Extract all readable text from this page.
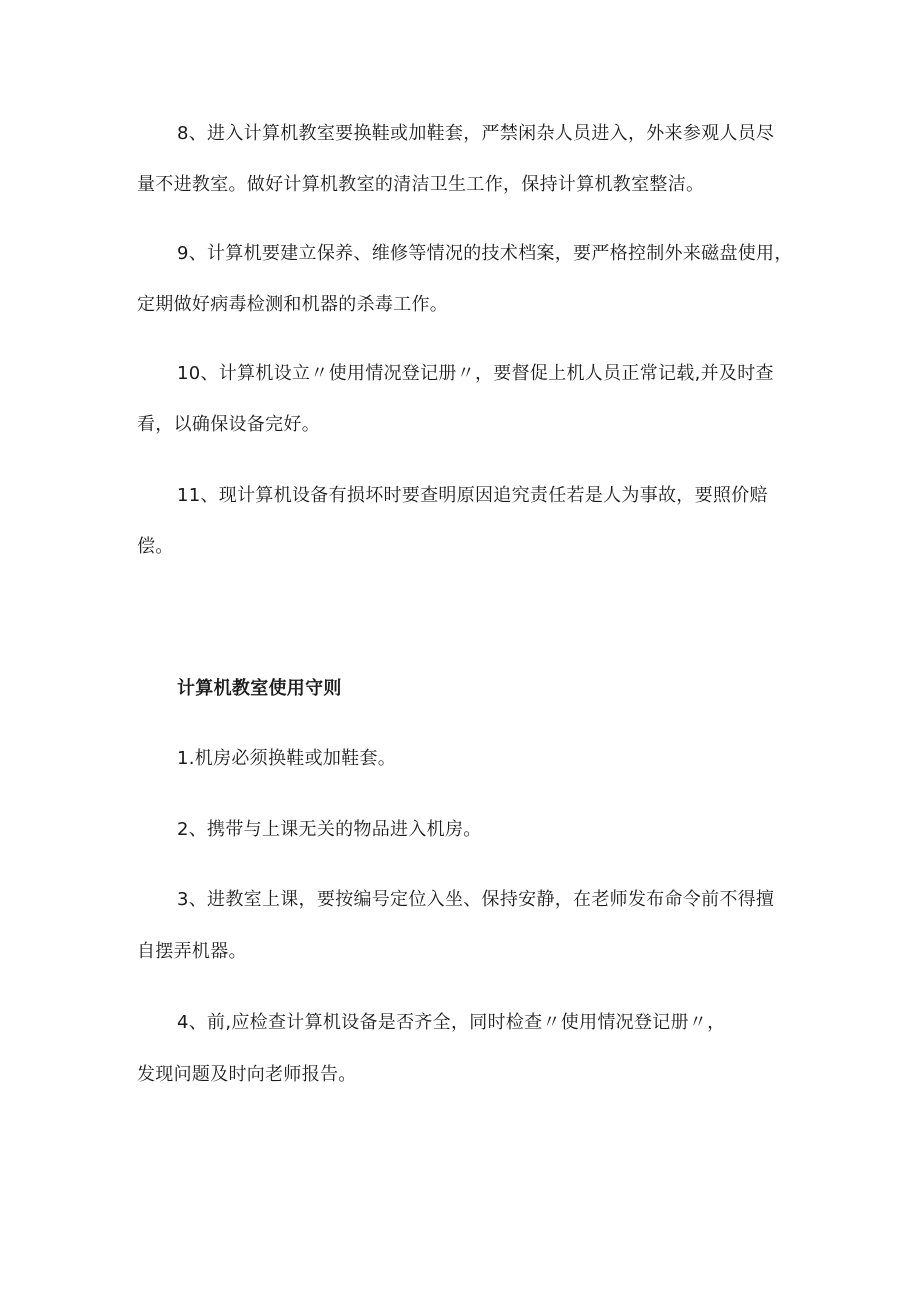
8、进入计算机教室要换鞋或加鞋套，严禁闲杂人员进入，外来参观人员尽
量不进教室。做好计算机教室的清洁卫生工作，保持计算机教室整洁。
9、计算机要建立保养、维修等情况的技术档案，要严格控制外来磁盘使用，
定期做好病毒检测和机器的杀毒工作。
10、计算机设立〃使用情况登记册〃，要督促上机人员正常记载,并及时查
看，以确保设备完好。
11、现计算机设备有损坏时要查明原因追究责任若是人为事故，要照价赔
偿。
计算机教室使用守则
1.机房必须换鞋或加鞋套。
2、携带与上课无关的物品进入机房。
3、进教室上课，要按编号定位入坐、保持安静，在老师发布命令前不得擅
自摆弄机器。
4、前,应检查计算机设备是否齐全，同时检查〃使用情况登记册〃，
发现问题及时向老师报告。
